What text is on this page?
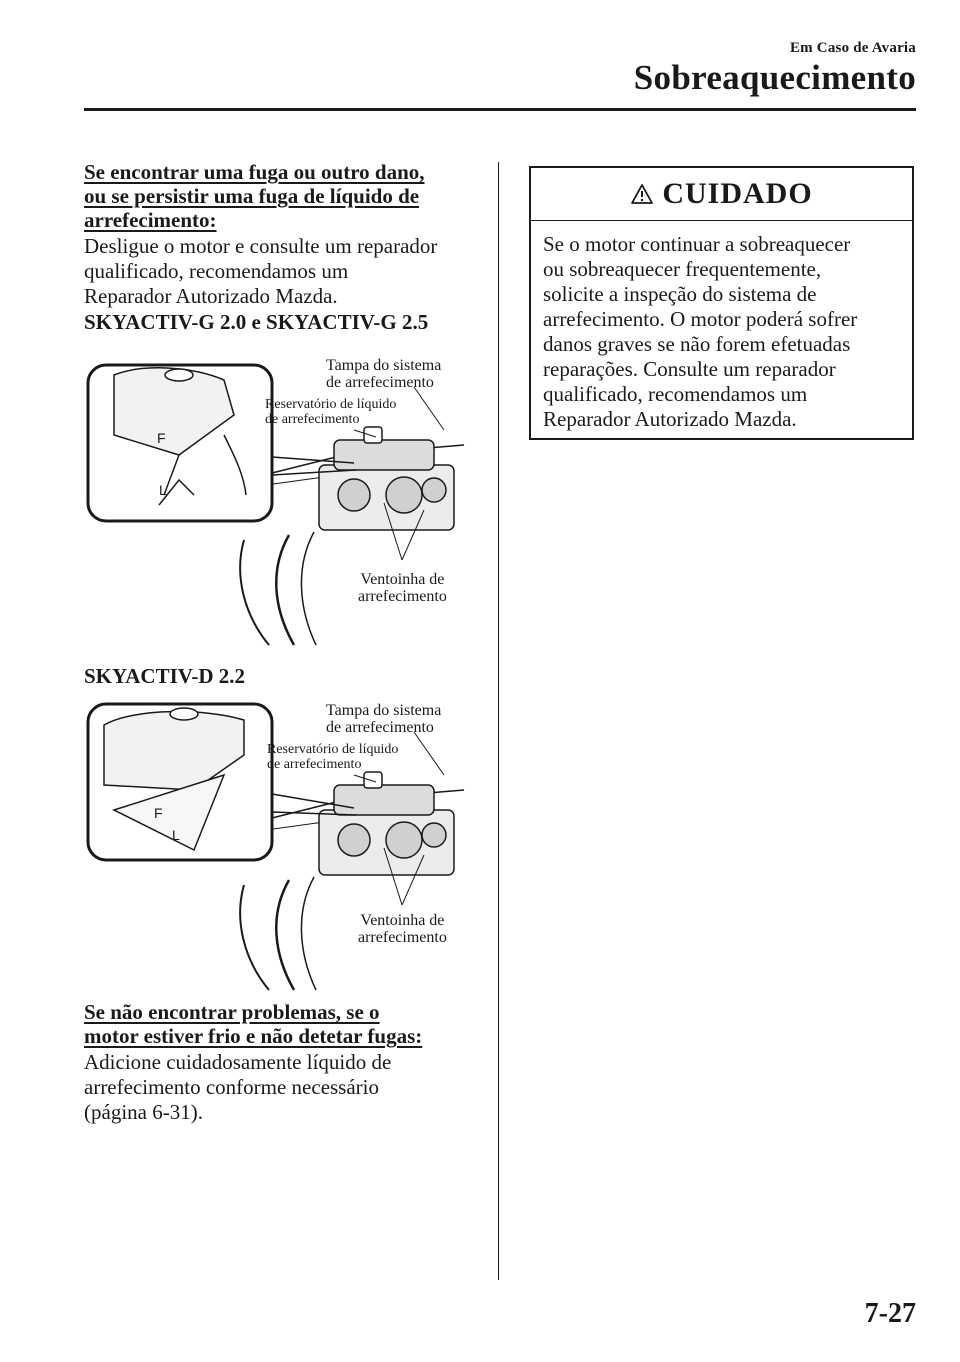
Em Caso de Avaria
Sobreaquecimento
Se encontrar uma fuga ou outro dano,
ou se persistir uma fuga de líquido de
arrefecimento:
Desligue o motor e consulte um reparador
qualificado, recomendamos um
Reparador Autorizado Mazda.
SKYACTIV-G 2.0 e SKYACTIV-G 2.5
F
L
Tampa do sistema
de arrefecimento
Reservatório de líquido
de arrefecimento
Ventoinha de
arrefecimento
SKYACTIV-D 2.2
F
L
Tampa do sistema
de arrefecimento
Reservatório de líquido
de arrefecimento
Ventoinha de
arrefecimento
Se não encontrar problemas, se o
motor estiver frio e não detetar fugas:
Adicione cuidadosamente líquido de
arrefecimento conforme necessário
(página 6-31).
CUIDADO
Se o motor continuar a sobreaquecer
ou sobreaquecer frequentemente,
solicite a inspeção do sistema de
arrefecimento. O motor poderá sofrer
danos graves se não forem efetuadas
reparações. Consulte um reparador
qualificado, recomendamos um
Reparador Autorizado Mazda.
7-27
